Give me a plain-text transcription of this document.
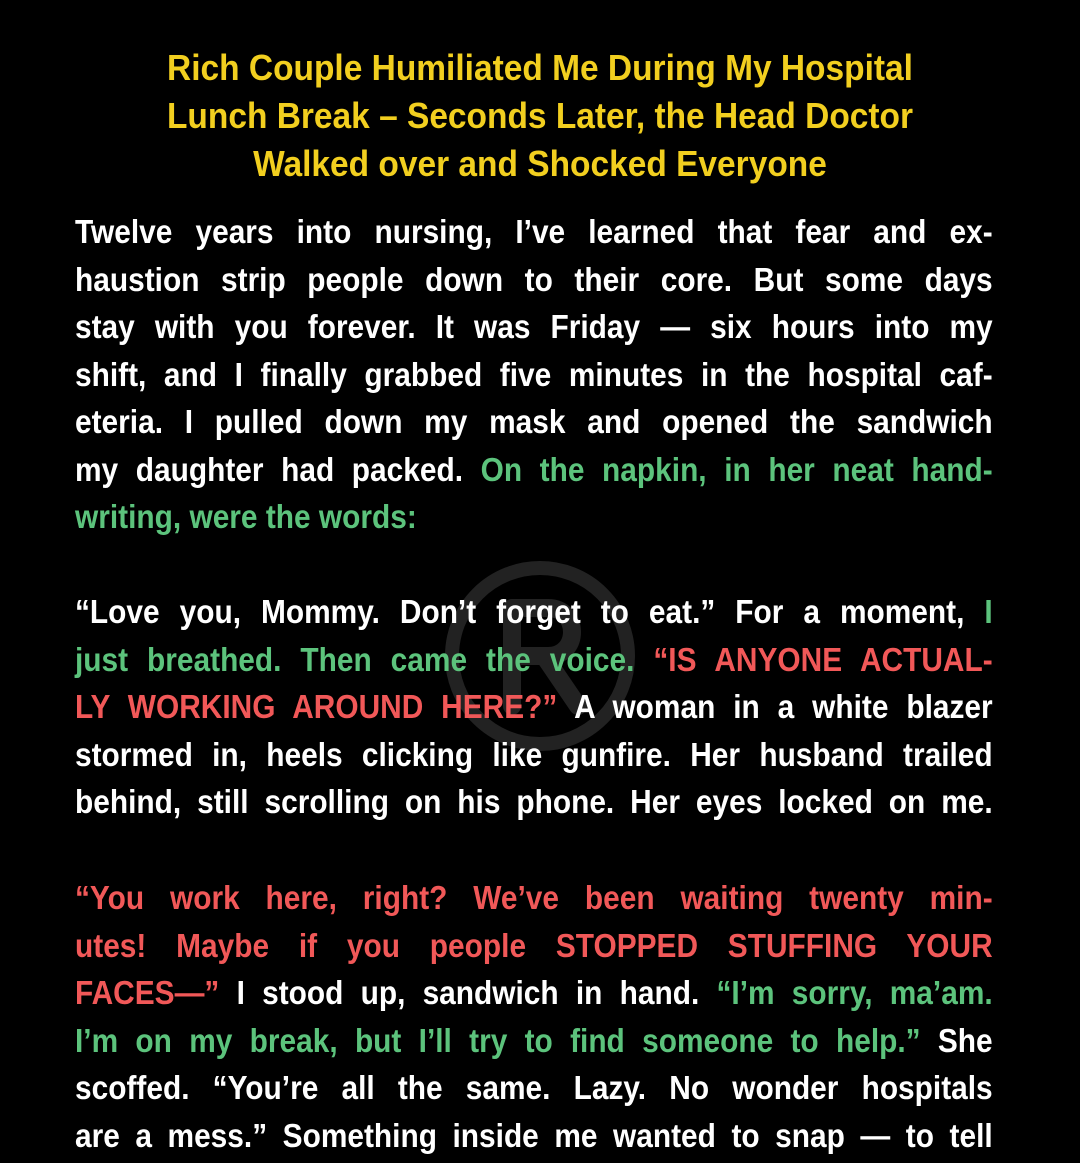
Rich Couple Humiliated Me During My Hospital
Lunch Break – Seconds Later, the Head Doctor
Walked over and Shocked Everyone
Twelve years into nursing, I’ve learned that fear and ex-
haustion strip people down to their core. But some days
stay with you forever. It was Friday — six hours into my
shift, and I finally grabbed five minutes in the hospital caf-
eteria. I pulled down my mask and opened the sandwich
my daughter had packed. On the napkin, in her neat hand-
writing, were the words:
“Love you, Mommy. Don’t forget to eat.” For a moment, I
just breathed. Then came the voice. “IS ANYONE ACTUAL-
LY WORKING AROUND HERE?” A woman in a white blazer
stormed in, heels clicking like gunfire. Her husband trailed
behind, still scrolling on his phone. Her eyes locked on me.
“You work here, right? We’ve been waiting twenty min-
utes! Maybe if you people STOPPED STUFFING YOUR
FACES—” I stood up, sandwich in hand. “I’m sorry, ma’am.
I’m on my break, but I’ll try to find someone to help.” She
scoffed. “You’re all the same. Lazy. No wonder hospitals
are a mess.” Something inside me wanted to snap — to tell
